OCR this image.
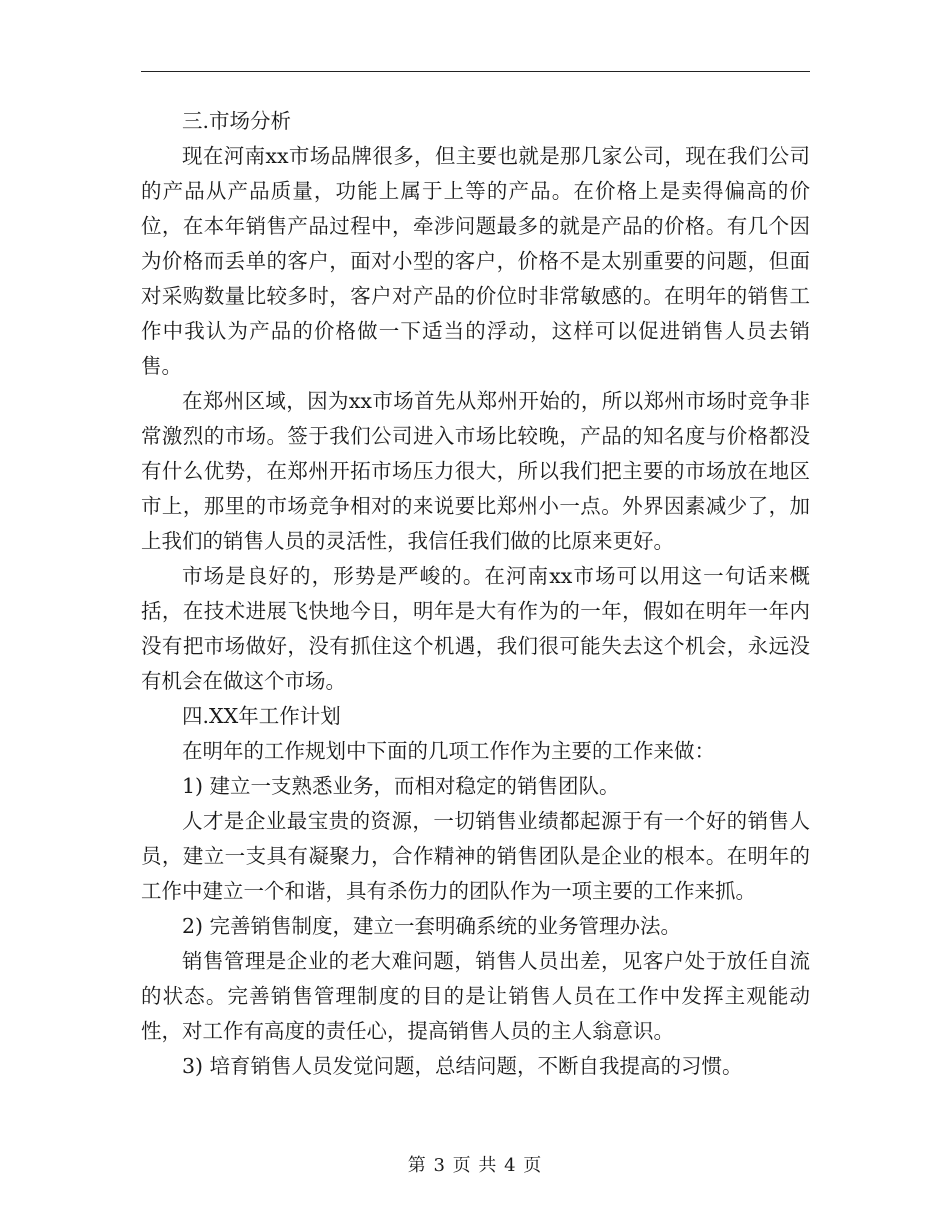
三.市场分析

现在河南xx市场品牌很多，但主要也就是那几家公司，现在我们公司的产品从产品质量，功能上属于上等的产品。在价格上是卖得偏高的价位，在本年销售产品过程中，牵涉问题最多的就是产品的价格。有几个因为价格而丢单的客户，面对小型的客户，价格不是太别重要的问题，但面对采购数量比较多时，客户对产品的价位时非常敏感的。在明年的销售工作中我认为产品的价格做一下适当的浮动，这样可以促进销售人员去销售。

在郑州区域，因为xx市场首先从郑州开始的，所以郑州市场时竞争非常激烈的市场。签于我们公司进入市场比较晚，产品的知名度与价格都没有什么优势，在郑州开拓市场压力很大，所以我们把主要的市场放在地区市上，那里的市场竞争相对的来说要比郑州小一点。外界因素减少了，加上我们的销售人员的灵活性，我信任我们做的比原来更好。

市场是良好的，形势是严峻的。在河南xx市场可以用这一句话来概括，在技术进展飞快地今日，明年是大有作为的一年，假如在明年一年内没有把市场做好，没有抓住这个机遇，我们很可能失去这个机会，永远没有机会在做这个市场。

四.XX年工作计划

在明年的工作规划中下面的几项工作作为主要的工作来做：

1) 建立一支熟悉业务，而相对稳定的销售团队。

人才是企业最宝贵的资源，一切销售业绩都起源于有一个好的销售人员，建立一支具有凝聚力，合作精神的销售团队是企业的根本。在明年的工作中建立一个和谐，具有杀伤力的团队作为一项主要的工作来抓。

2) 完善销售制度，建立一套明确系统的业务管理办法。

销售管理是企业的老大难问题，销售人员出差，见客户处于放任自流的状态。完善销售管理制度的目的是让销售人员在工作中发挥主观能动性，对工作有高度的责任心，提高销售人员的主人翁意识。

3) 培育销售人员发觉问题，总结问题，不断自我提高的习惯。

第 3 页 共 4 页
